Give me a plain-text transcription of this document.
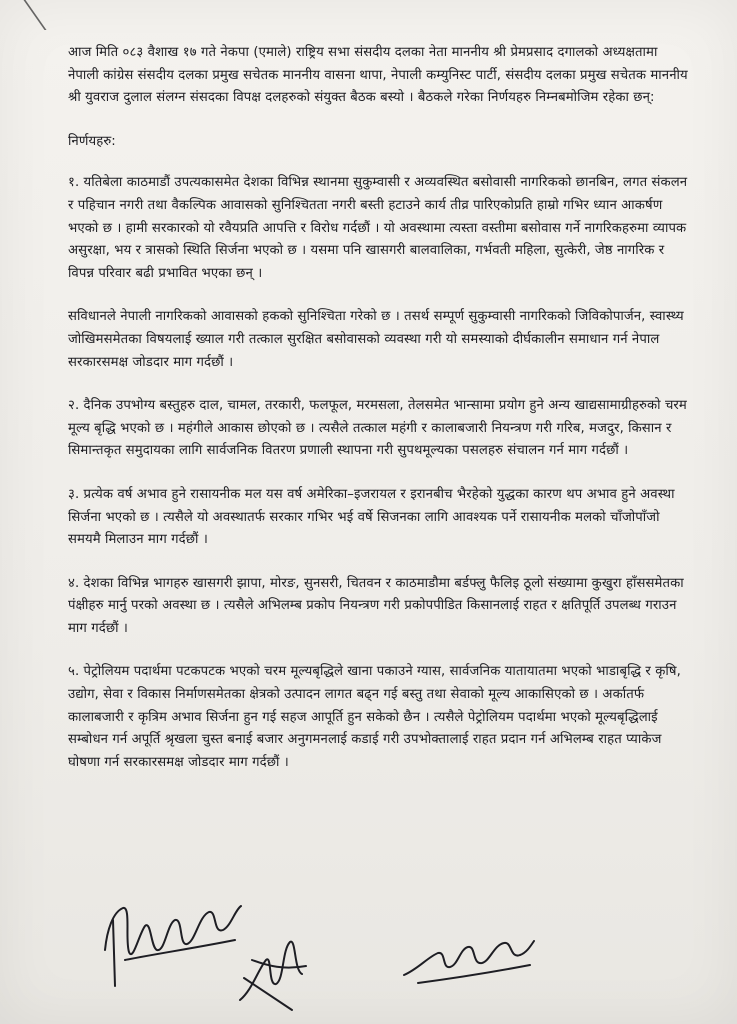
आज मिति ०८३ वैशाख १७ गते नेकपा (एमाले) राष्ट्रिय सभा संसदीय दलका नेता माननीय श्री प्रेमप्रसाद दगालको अध्यक्षतामा नेपाली कांग्रेस संसदीय दलका प्रमुख सचेतक माननीय वासना थापा, नेपाली कम्युनिस्ट पार्टी, संसदीय दलका प्रमुख सचेतक माननीय श्री युवराज दुलाल संलग्न संसदका विपक्ष दलहरुको संयुक्त बैठक बस्यो । बैठकले गरेका निर्णयहरु निम्नबमोजिम रहेका छन्:

निर्णयहरु:

१. यतिबेला काठमाडौं उपत्यकासमेत देशका विभिन्न स्थानमा सुकुम्वासी र अव्यवस्थित बसोवासी नागरिकको छानबिन, लगत संकलन र पहिचान नगरी तथा वैकल्पिक आवासको सुनिश्चितता नगरी बस्ती हटाउने कार्य तीव्र पारिएकोप्रति हाम्रो गभिर ध्यान आकर्षण भएको छ । हामी सरकारको यो रवैयप्रति आपत्ति र विरोध गर्दछौं । यो अवस्थामा त्यस्ता वस्तीमा बसोवास गर्ने नागरिकहरुमा व्यापक असुरक्षा, भय र त्रासको स्थिति सिर्जना भएको छ । यसमा पनि खासगरी बालवालिका, गर्भवती महिला, सुत्केरी, जेष्ठ नागरिक र विपन्न परिवार बढी प्रभावित भएका छन् ।

सविधानले नेपाली नागरिकको आवासको हकको सुनिश्चिता गरेको छ । तसर्थ सम्पूर्ण सुकुम्वासी नागरिकको जिविकोपार्जन, स्वास्थ्य जोखिमसमेतका विषयलाई ख्याल गरी तत्काल सुरक्षित बसोवासको व्यवस्था गरी यो समस्याको दीर्घकालीन समाधान गर्न नेपाल सरकारसमक्ष जोडदार माग गर्दछौं ।

२. दैनिक उपभोग्य बस्तुहरु दाल, चामल, तरकारी, फलफूल, मरमसला, तेलसमेत भान्सामा प्रयोग हुने अन्य खाद्यसामाग्रीहरुको चरम मूल्य बृद्धि भएको छ । महंगीले आकास छोएको छ । त्यसैले तत्काल महंगी र कालाबजारी नियन्त्रण गरी गरिब, मजदुर, किसान र सिमान्तकृत समुदायका लागि सार्वजनिक वितरण प्रणाली स्थापना गरी सुपथमूल्यका पसलहरु संचालन गर्न माग गर्दछौं ।

३. प्रत्येक वर्ष अभाव हुने रासायनीक मल यस वर्ष अमेरिका–इजरायल र इरानबीच भैरहेको युद्धका कारण थप अभाव हुने अवस्था सिर्जना भएको छ । त्यसैले यो अवस्थातर्फ सरकार गभिर भई वर्षे सिजनका लागि आवश्यक पर्ने रासायनीक मलको चाँजोपाँजो समयमै मिलाउन माग गर्दछौं ।

४. देशका विभिन्न भागहरु खासगरी झापा, मोरङ, सुनसरी, चितवन र काठमाडौमा बर्डफ्लु फैलिइ ठूलो संख्यामा कुखुरा हाँससमेतका पंक्षीहरु मार्नु परको अवस्था छ । त्यसैले अभिलम्ब प्रकोप नियन्त्रण गरी प्रकोपपीडित किसानलाई राहत र क्षतिपूर्ति उपलब्ध गराउन माग गर्दछौं ।

५. पेट्रोलियम पदार्थमा पटकपटक भएको चरम मूल्यबृद्धिले खाना पकाउने ग्यास, सार्वजनिक यातायातमा भएको भाडाबृद्धि र कृषि, उद्योग, सेवा र विकास निर्माणसमेतका क्षेत्रको उत्पादन लागत बढ्न गई बस्तु तथा सेवाको मूल्य आकासिएको छ । अर्कातर्फ कालाबजारी र कृत्रिम अभाव सिर्जना हुन गई सहज आपूर्ति हुन सकेको छैन । त्यसैले पेट्रोलियम पदार्थमा भएको मूल्यबृद्धिलाई सम्बोधन गर्न अपूर्ति श्रृखला चुस्त बनाई बजार अनुगमनलाई कडाई गरी उपभोक्तालाई राहत प्रदान गर्न अभिलम्ब राहत प्याकेज घोषणा गर्न सरकारसमक्ष जोडदार माग गर्दछौं ।
